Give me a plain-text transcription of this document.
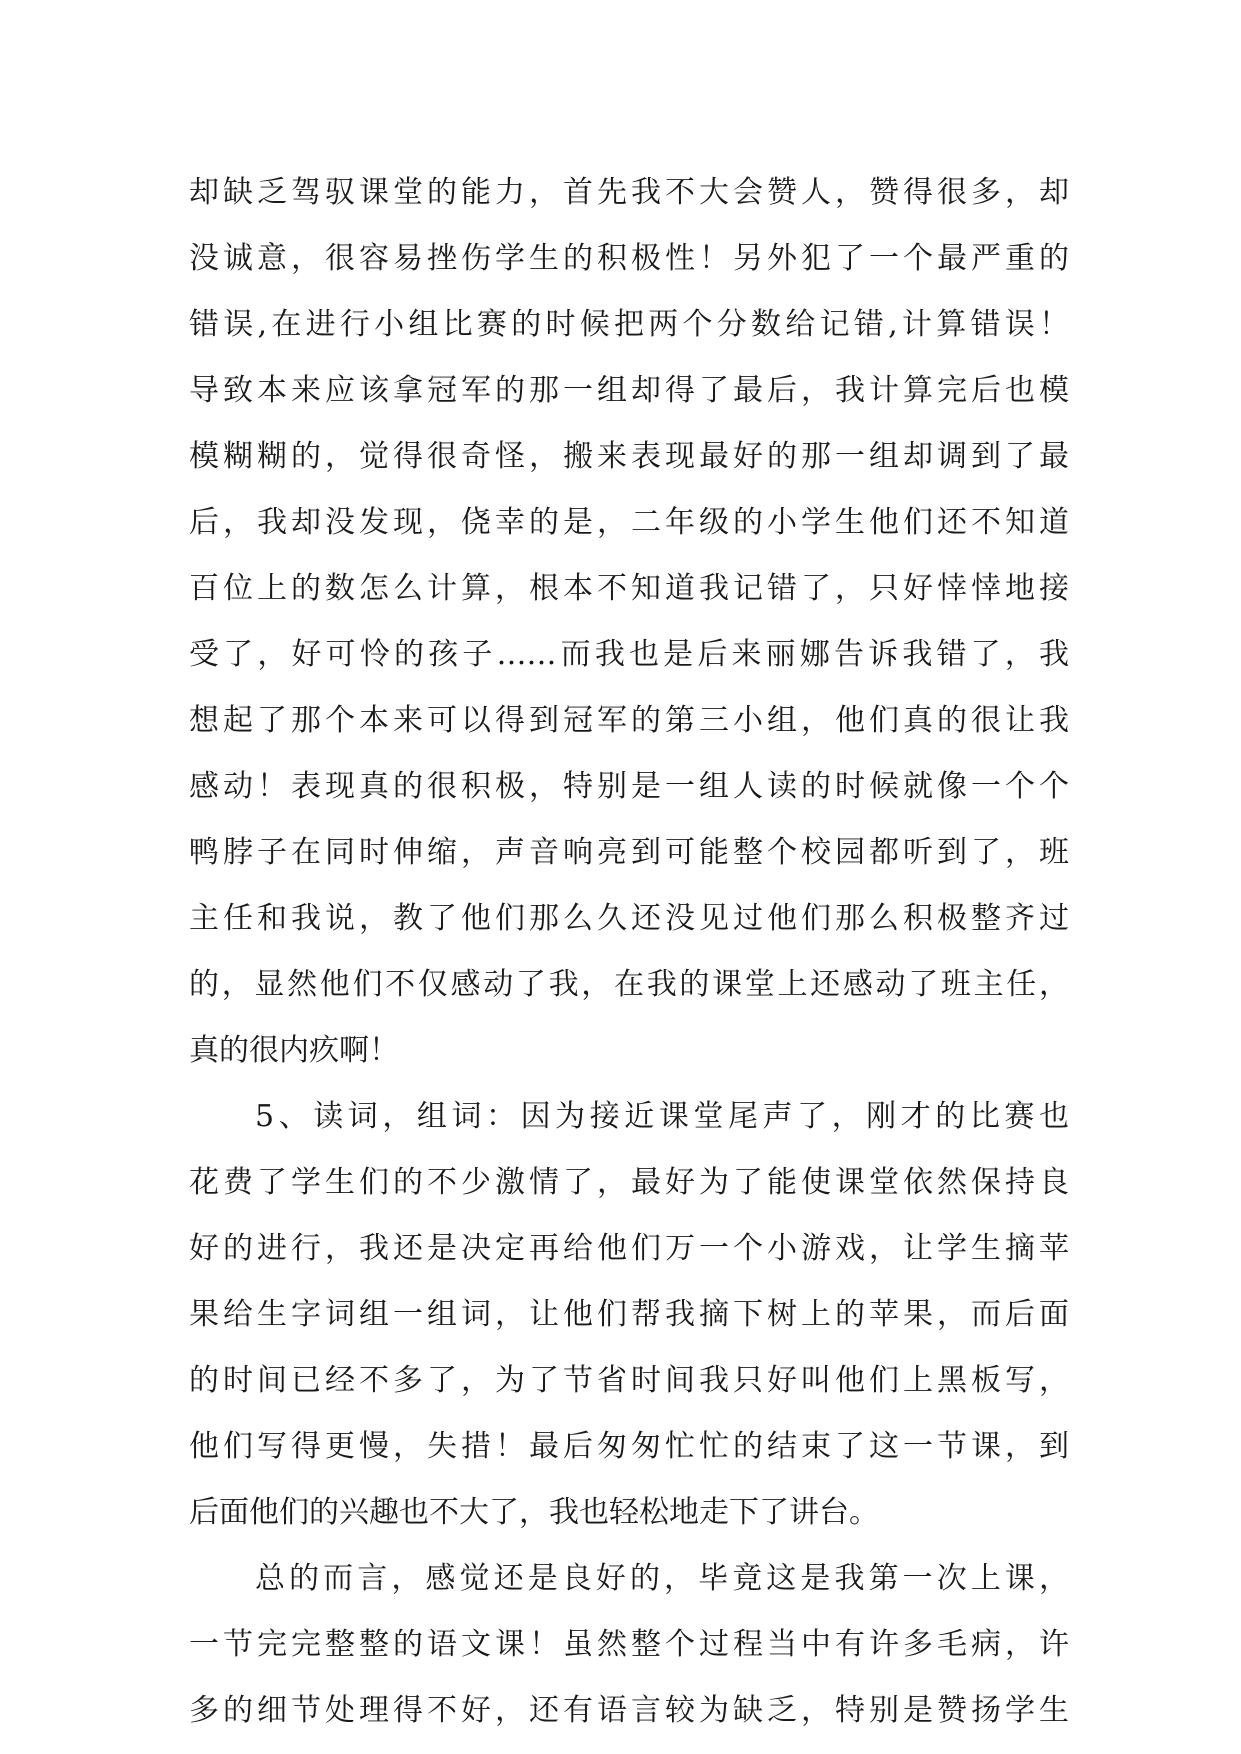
却缺乏驾驭课堂的能力，首先我不大会赞人，赞得很多，却
没诚意，很容易挫伤学生的积极性！另外犯了一个最严重的
错误,在进行小组比赛的时候把两个分数给记错,计算错误！
导致本来应该拿冠军的那一组却得了最后，我计算完后也模
模糊糊的，觉得很奇怪，搬来表现最好的那一组却调到了最
后，我却没发现，侥幸的是，二年级的小学生他们还不知道
百位上的数怎么计算，根本不知道我记错了，只好悻悻地接
受了，好可怜的孩子……而我也是后来丽娜告诉我错了，我
想起了那个本来可以得到冠军的第三小组，他们真的很让我
感动！表现真的很积极，特别是一组人读的时候就像一个个
鸭脖子在同时伸缩，声音响亮到可能整个校园都听到了，班
主任和我说，教了他们那么久还没见过他们那么积极整齐过
的，显然他们不仅感动了我，在我的课堂上还感动了班主任，
真的很内疚啊！
5、读词，组词：因为接近课堂尾声了，刚才的比赛也
花费了学生们的不少激情了，最好为了能使课堂依然保持良
好的进行，我还是决定再给他们万一个小游戏，让学生摘苹
果给生字词组一组词，让他们帮我摘下树上的苹果，而后面
的时间已经不多了，为了节省时间我只好叫他们上黑板写，
他们写得更慢，失措！最后匆匆忙忙的结束了这一节课，到
后面他们的兴趣也不大了，我也轻松地走下了讲台。
总的而言，感觉还是良好的，毕竟这是我第一次上课，
一节完完整整的语文课！虽然整个过程当中有许多毛病，许
多的细节处理得不好，还有语言较为缺乏，特别是赞扬学生
